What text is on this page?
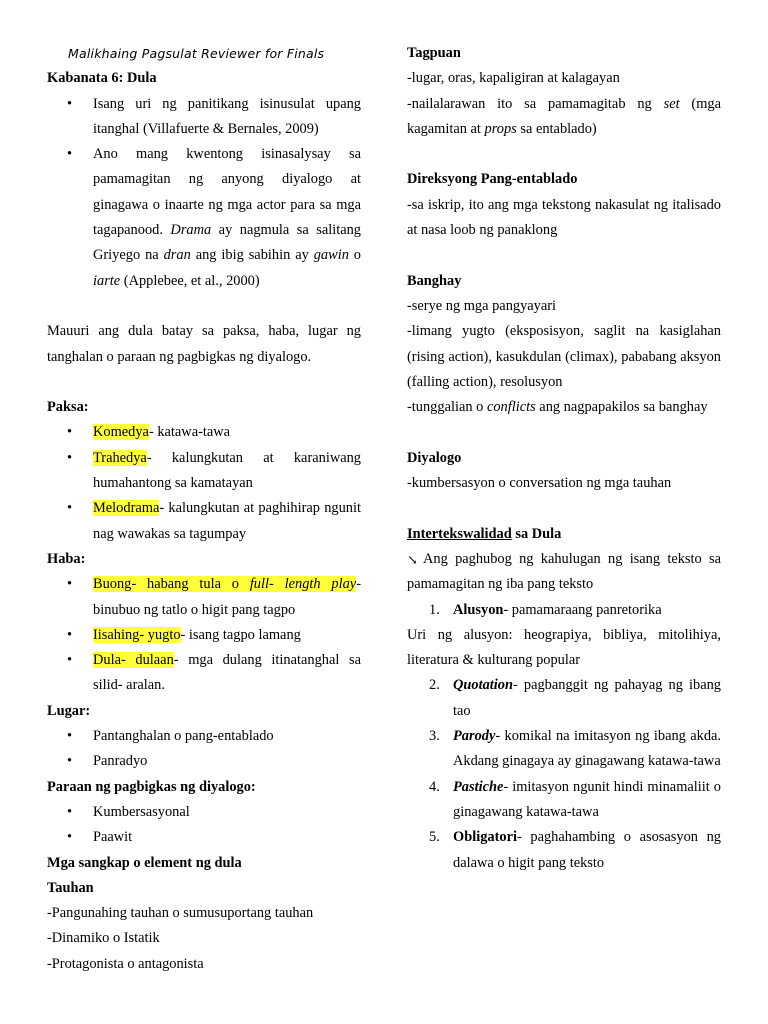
Malikhaing Pagsulat Reviewer for Finals
Kabanata 6: Dula
• Isang uri ng panitikang isinusulat upang itanghal (Villafuerte & Bernales, 2009)
• Ano mang kwentong isinasalysay sa pamamagitan ng anyong diyalogo at ginagawa o inaarte ng mga actor para sa mga tagapanood. Drama ay nagmula sa salitang Griyego na dran ang ibig sabihin ay gawin o iarte (Applebee, et al., 2000)

Mauuri ang dula batay sa paksa, haba, lugar ng tanghalan o paraan ng pagbigkas ng diyalogo.

Paksa:
• Komedya- katawa-tawa
• Trahedya- kalungkutan at karaniwang humahantong sa kamatayan
• Melodrama- kalungkutan at paghihirap ngunit nag wawakas sa tagumpay
Haba:
• Buong- habang tula o full- length play- binubuo ng tatlo o higit pang tagpo
• Iisahing- yugto- isang tagpo lamang
• Dula- dulaan- mga dulang itinatanghal sa silid- aralan.
Lugar:
• Pantanghalan o pang-entablado
• Panradyo
Paraan ng pagbigkas ng diyalogo:
• Kumbersasyonal
• Paawit
Mga sangkap o element ng dula
Tauhan
-Pangunahing tauhan o sumusuportang tauhan
-Dinamiko o Istatik
-Protagonista o antagonista
Tagpuan
-lugar, oras, kapaligiran at kalagayan

-nailalarawan ito sa pamamagitab ng set (mga kagamitan at props sa entablado)

Direksyong Pang-entablado

-sa iskrip, ito ang mga tekstong nakasulat ng italisado at nasa loob ng panaklong

Banghay
-serye ng mga pangyayari

-limang yugto (eksposisyon, saglit na kasiglahan (rising action), kasukdulan (climax), pababang aksyon (falling action), resolusyon

-tunggalian o conflicts ang nagpapakilos sa banghay

Diyalogo
-kumbersasyon o conversation ng mga tauhan
Intertekswalidad sa Dula

↘ Ang paghubog ng kahulugan ng isang teksto sa pamamagitan ng iba pang teksto

1. Alusyon- pamamaraang panretorika

Uri ng alusyon: heograpiya, bibliya, mitolihiya, literatura & kulturang popular

2. Quotation- pagbanggit ng pahayag ng ibang tao
3. Parody- komikal na imitasyon ng ibang akda. Akdang ginagaya ay ginagawang katawa-tawa
4. Pastiche- imitasyon ngunit hindi minamaliit o ginagawang katawa-tawa
5. Obligatori- paghahambing o asosasyon ng dalawa o higit pang teksto
